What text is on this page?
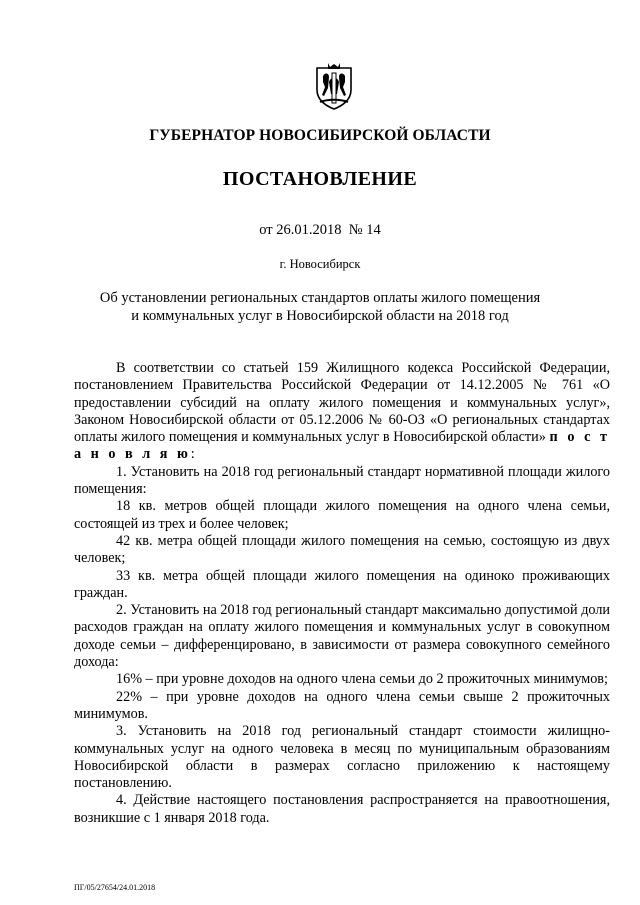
ГУБЕРНАТОР НОВОСИБИРСКОЙ ОБЛАСТИ
ПОСТАНОВЛЕНИЕ
от 26.01.2018  № 14
г. Новосибирск
Об установлении региональных стандартов оплаты жилого помещения
и коммунальных услуг в Новосибирской области на 2018 год

В соответствии со статьей 159 Жилищного кодекса Российской Федерации, постановлением Правительства Российской Федерации от 14.12.2005 № 761 «О предоставлении субсидий на оплату жилого помещения и коммунальных услуг», Законом Новосибирской области от 05.12.2006 № 60-ОЗ «О региональных стандартах оплаты жилого помещения и коммунальных услуг в Новосибирской области» п о с т а н о в л я ю:

1. Установить на 2018 год региональный стандарт нормативной площади жилого помещения:

18 кв. метров общей площади жилого помещения на одного члена семьи, состоящей из трех и более человек;

42 кв. метра общей площади жилого помещения на семью, состоящую из двух человек;

33 кв. метра общей площади жилого помещения на одиноко проживающих граждан.

2. Установить на 2018 год региональный стандарт максимально допустимой доли расходов граждан на оплату жилого помещения и коммунальных услуг в совокупном доходе семьи – дифференцировано, в зависимости от размера совокупного семейного дохода:

16% – при уровне доходов на одного члена семьи до 2 прожиточных минимумов;

22% – при уровне доходов на одного члена семьи свыше 2 прожиточных минимумов.

3. Установить на 2018 год региональный стандарт стоимости жилищно-коммунальных услуг на одного человека в месяц по муниципальным образованиям Новосибирской области в размерах согласно приложению к настоящему постановлению.

4. Действие настоящего постановления распространяется на правоотношения, возникшие с 1 января 2018 года.

ПГ/05/27654/24.01.2018
